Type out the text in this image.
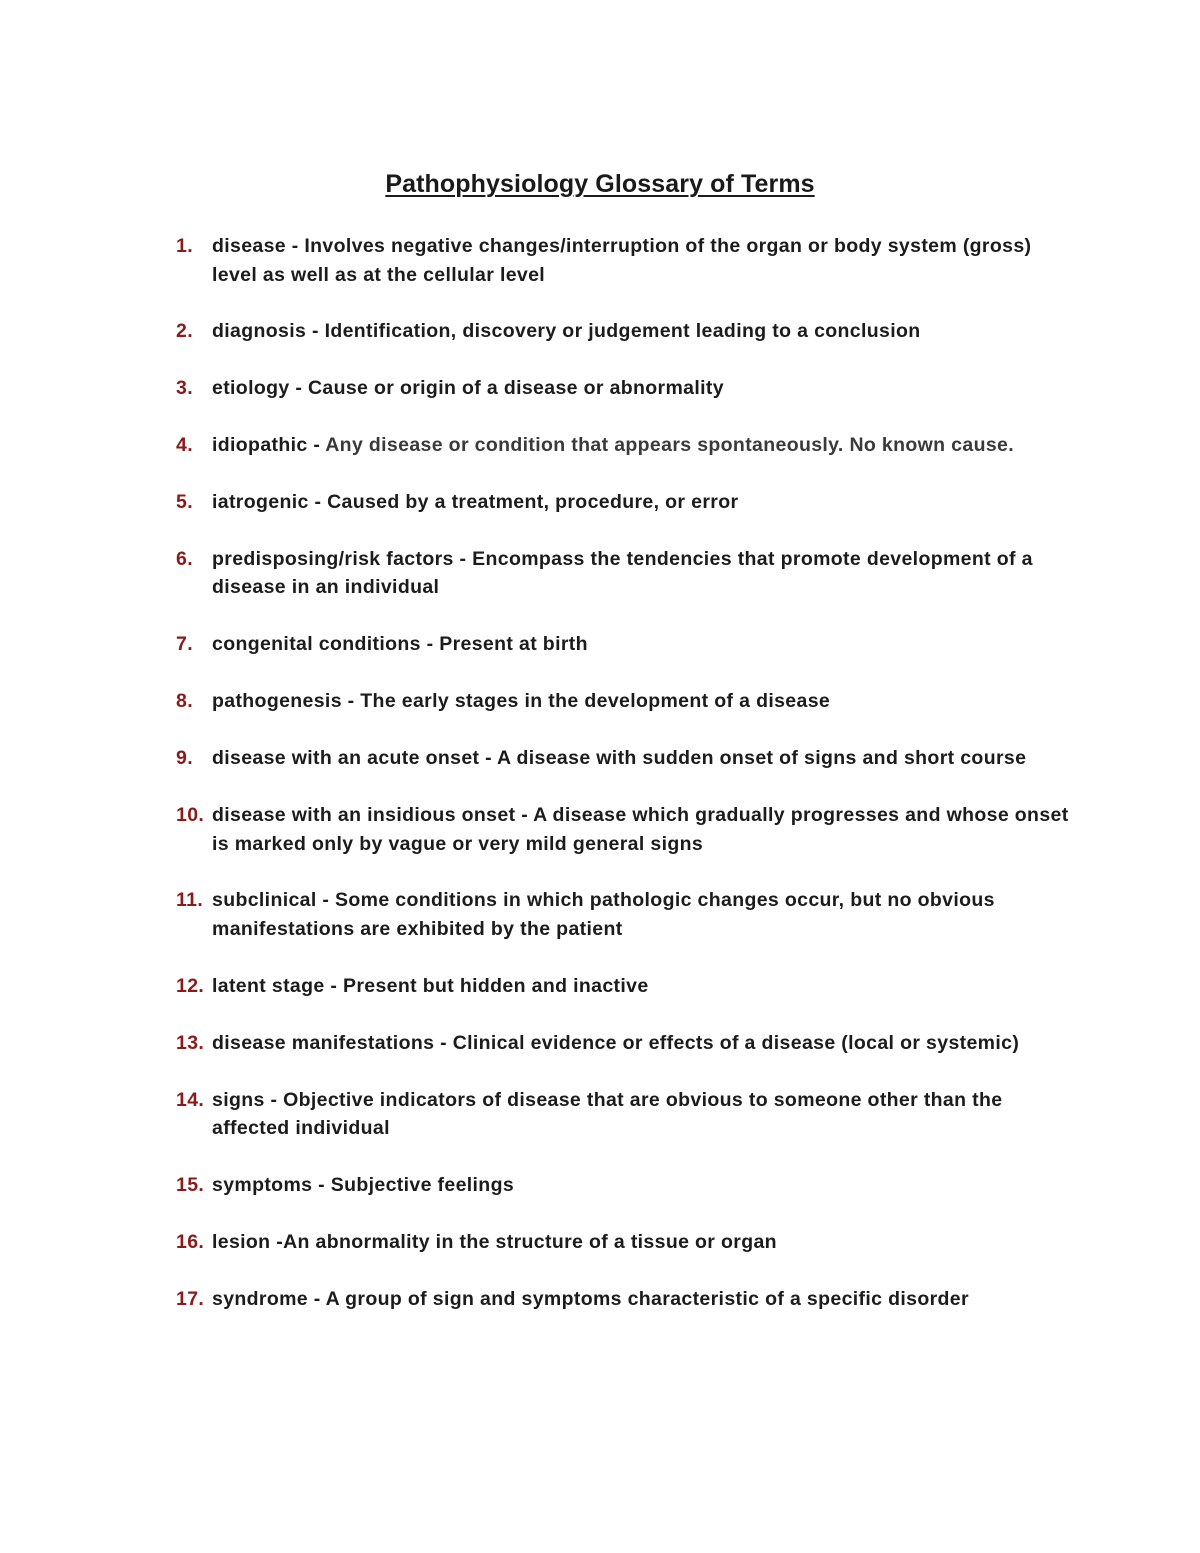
Pathophysiology Glossary of Terms
1. disease - Involves negative changes/interruption of the organ or body system (gross) level as well as at the cellular level
2. diagnosis - Identification, discovery or judgement leading to a conclusion
3. etiology - Cause or origin of a disease or abnormality
4. idiopathic - Any disease or condition that appears spontaneously. No known cause.
5. iatrogenic - Caused by a treatment, procedure, or error
6. predisposing/risk factors - Encompass the tendencies that promote development of a disease in an individual
7. congenital conditions - Present at birth
8. pathogenesis - The early stages in the development of a disease
9. disease with an acute onset - A disease with sudden onset of signs and short course
10. disease with an insidious onset - A disease which gradually progresses and whose onset is marked only by vague or very mild general signs
11. subclinical - Some conditions in which pathologic changes occur, but no obvious manifestations are exhibited by the patient
12. latent stage - Present but hidden and inactive
13. disease manifestations - Clinical evidence or effects of a disease (local or systemic)
14. signs - Objective indicators of disease that are obvious to someone other than the affected individual
15. symptoms - Subjective feelings
16. lesion -An abnormality in the structure of a tissue or organ
17. syndrome - A group of sign and symptoms characteristic of a specific disorder
